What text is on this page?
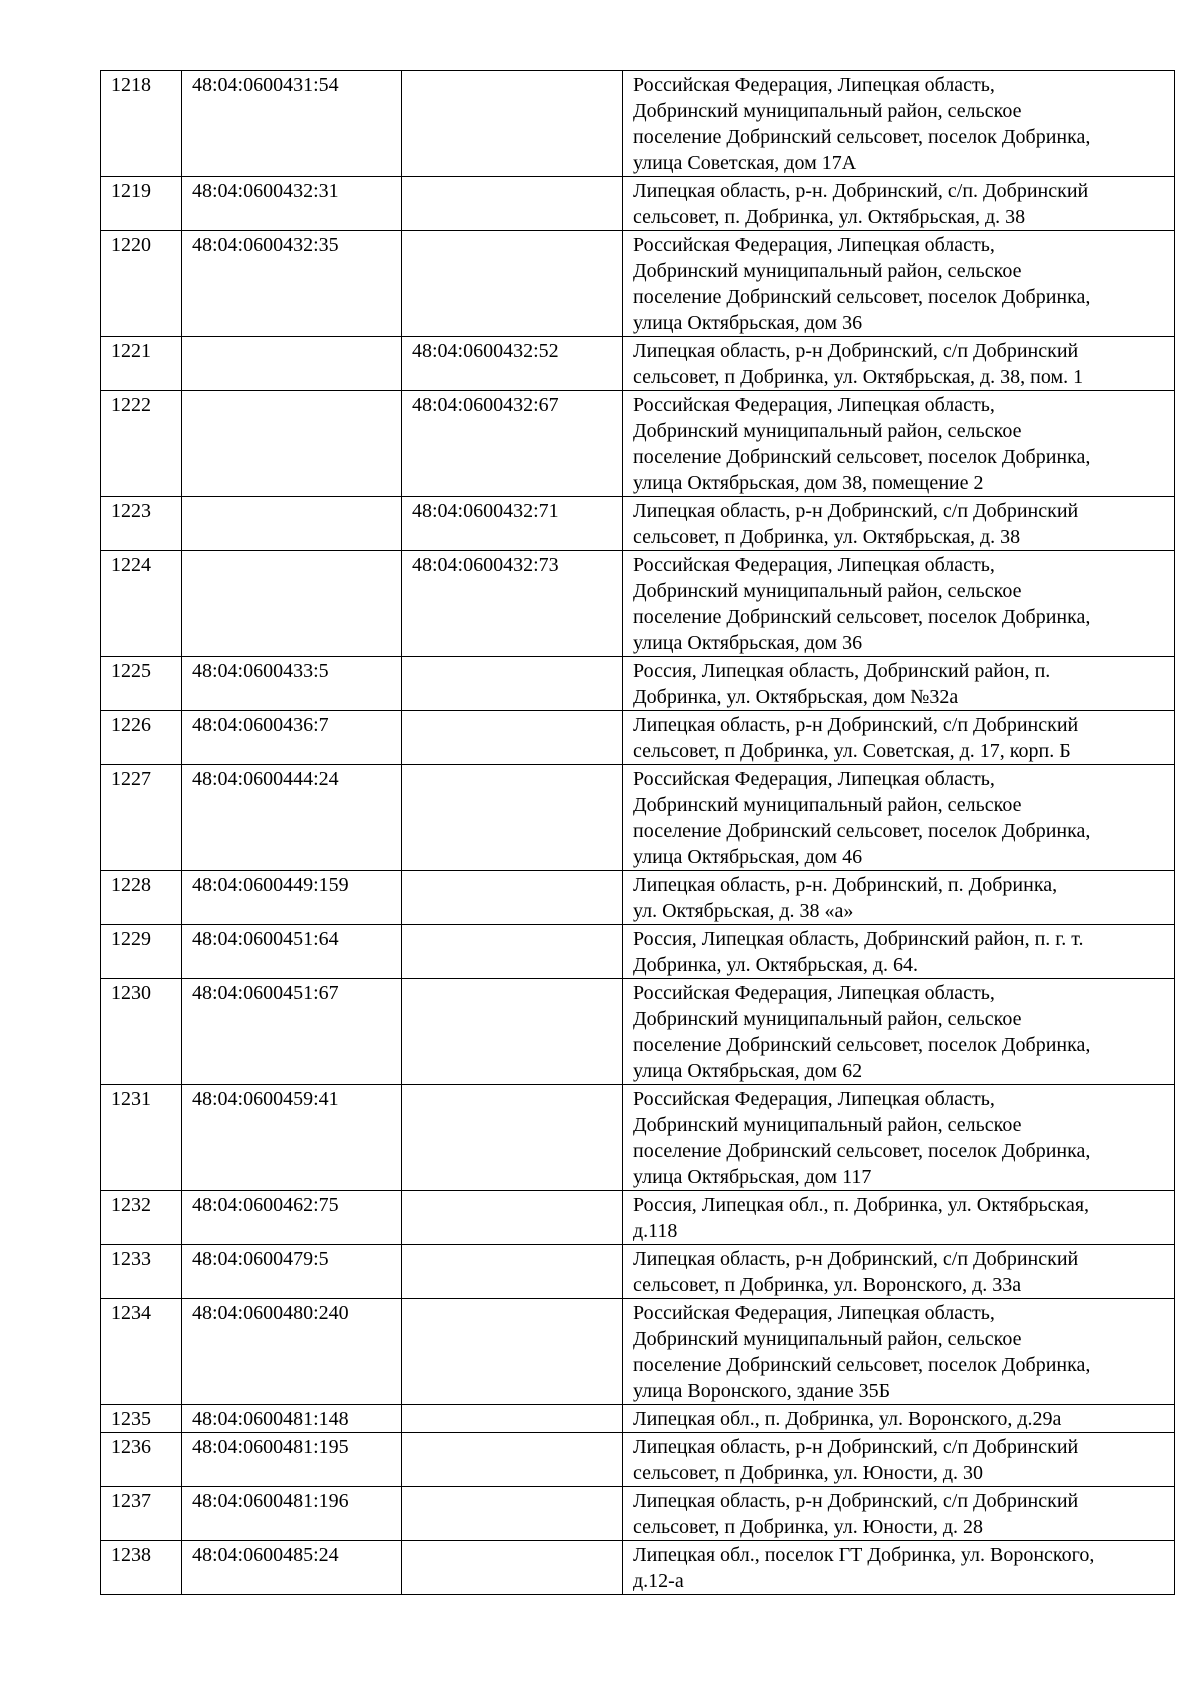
1218	48:04:0600431:54		Российская Федерация, Липецкая область,
Добринский муниципальный район, сельское
поселение Добринский сельсовет, поселок Добринка,
улица Советская, дом 17А

1219	48:04:0600432:31		Липецкая область, р-н. Добринский, с/п. Добринский
сельсовет, п. Добринка, ул. Октябрьская, д. 38

1220	48:04:0600432:35		Российская Федерация, Липецкая область,
Добринский муниципальный район, сельское
поселение Добринский сельсовет, поселок Добринка,
улица Октябрьская, дом 36

1221		48:04:0600432:52	Липецкая область, р-н Добринский, с/п Добринский
сельсовет, п Добринка, ул. Октябрьская, д. 38, пом. 1

1222		48:04:0600432:67	Российская Федерация, Липецкая область,
Добринский муниципальный район, сельское
поселение Добринский сельсовет, поселок Добринка,
улица Октябрьская, дом 38, помещение 2

1223		48:04:0600432:71	Липецкая область, р-н Добринский, с/п Добринский
сельсовет, п Добринка, ул. Октябрьская, д. 38

1224		48:04:0600432:73	Российская Федерация, Липецкая область,
Добринский муниципальный район, сельское
поселение Добринский сельсовет, поселок Добринка,
улица Октябрьская, дом 36

1225	48:04:0600433:5		Россия, Липецкая область, Добринский район, п.
Добринка, ул. Октябрьская, дом №32а

1226	48:04:0600436:7		Липецкая область, р-н Добринский, с/п Добринский
сельсовет, п Добринка, ул. Советская, д. 17, корп. Б

1227	48:04:0600444:24		Российская Федерация, Липецкая область,
Добринский муниципальный район, сельское
поселение Добринский сельсовет, поселок Добринка,
улица Октябрьская, дом 46

1228	48:04:0600449:159		Липецкая область, р-н. Добринский, п. Добринка,
ул. Октябрьская, д. 38 «а»

1229	48:04:0600451:64		Россия, Липецкая область, Добринский район, п. г. т.
Добринка, ул. Октябрьская, д. 64.

1230	48:04:0600451:67		Российская Федерация, Липецкая область,
Добринский муниципальный район, сельское
поселение Добринский сельсовет, поселок Добринка,
улица Октябрьская, дом 62

1231	48:04:0600459:41		Российская Федерация, Липецкая область,
Добринский муниципальный район, сельское
поселение Добринский сельсовет, поселок Добринка,
улица Октябрьская, дом 117

1232	48:04:0600462:75		Россия, Липецкая обл., п. Добринка, ул. Октябрьская,
д.118

1233	48:04:0600479:5		Липецкая область, р-н Добринский, с/п Добринский
сельсовет, п Добринка, ул. Воронского, д. 33а

1234	48:04:0600480:240		Российская Федерация, Липецкая область,
Добринский муниципальный район, сельское
поселение Добринский сельсовет, поселок Добринка,
улица Воронского, здание 35Б

1235	48:04:0600481:148		Липецкая обл., п. Добринка, ул. Воронского, д.29а

1236	48:04:0600481:195		Липецкая область, р-н Добринский, с/п Добринский
сельсовет, п Добринка, ул. Юности, д. 30

1237	48:04:0600481:196		Липецкая область, р-н Добринский, с/п Добринский
сельсовет, п Добринка, ул. Юности, д. 28

1238	48:04:0600485:24		Липецкая обл., поселок ГТ Добринка, ул. Воронского,
д.12-а
